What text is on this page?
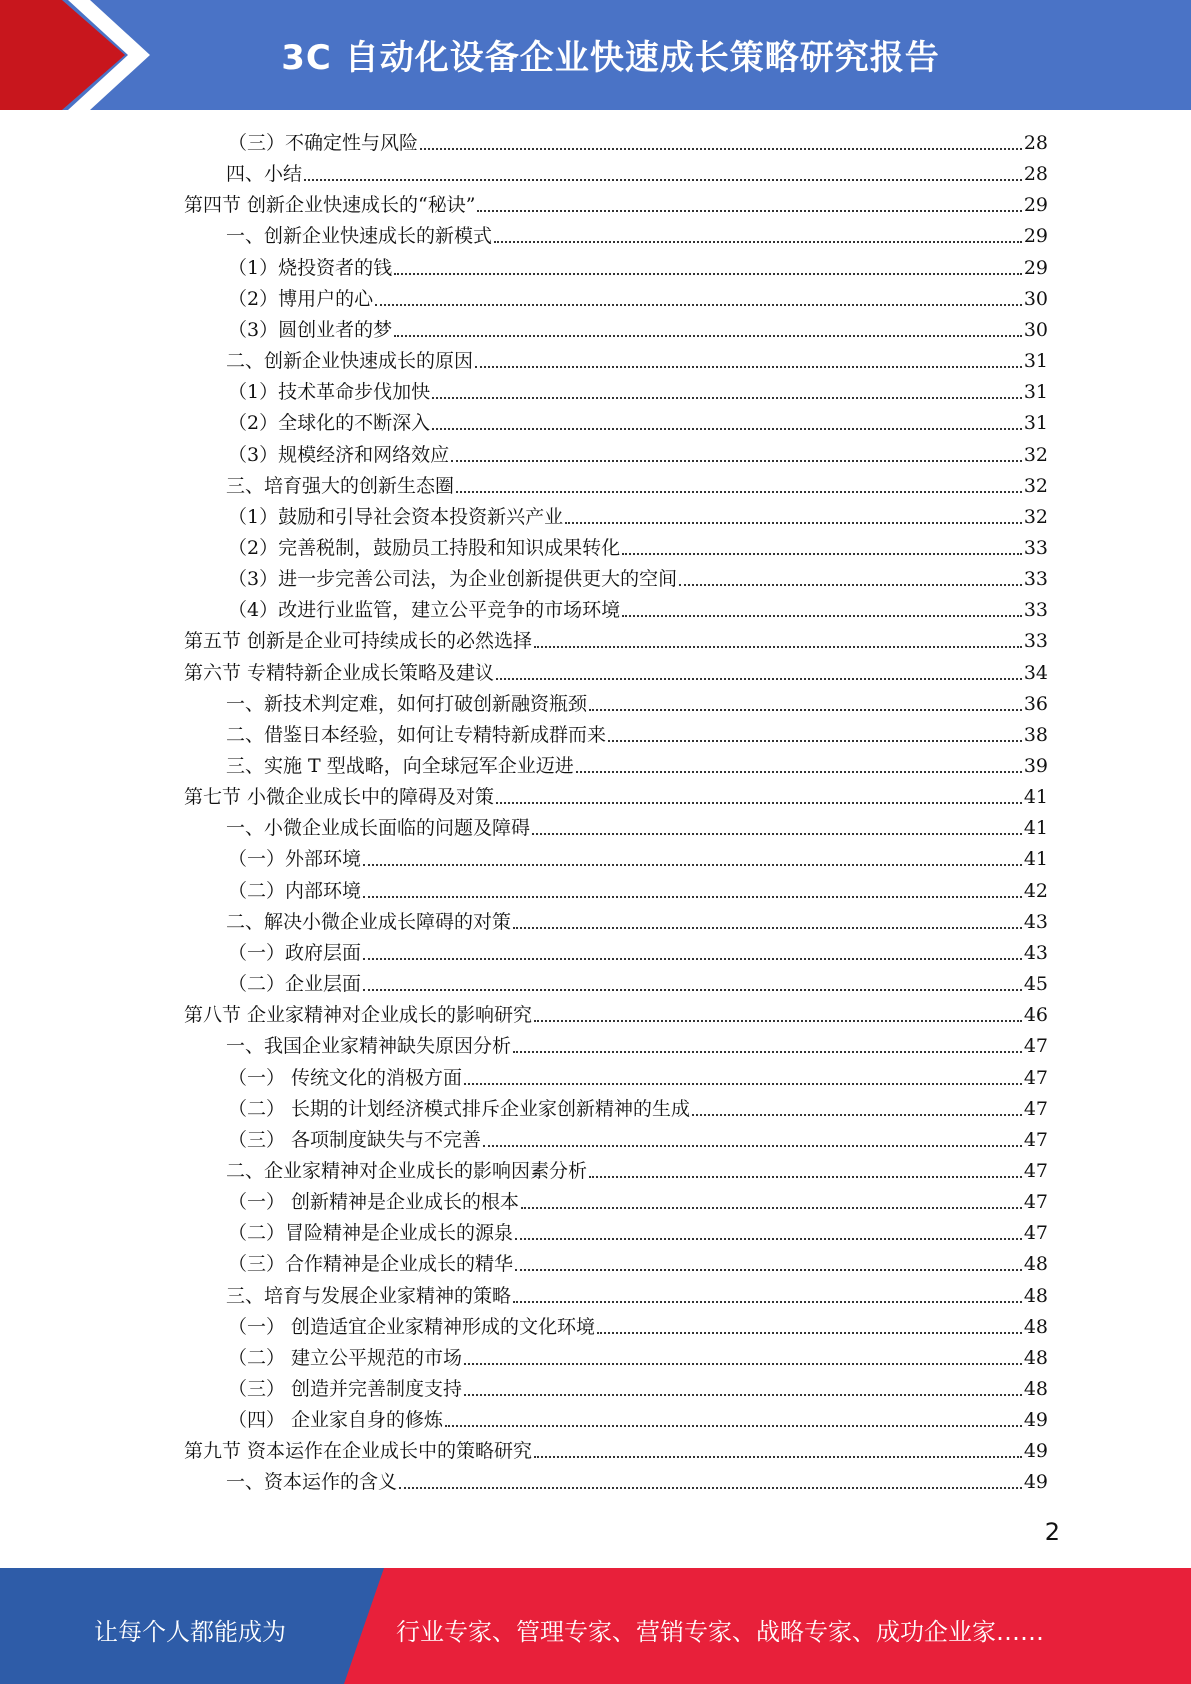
3C 自动化设备企业快速成长策略研究报告
（三）不确定性与风险	28
四、小结	28
第四节 创新企业快速成长的“秘诀”	29
一、创新企业快速成长的新模式	29
（1）烧投资者的钱	29
（2）博用户的心	30
（3）圆创业者的梦	30
二、创新企业快速成长的原因	31
（1）技术革命步伐加快	31
（2）全球化的不断深入	31
（3）规模经济和网络效应	32
三、培育强大的创新生态圈	32
（1）鼓励和引导社会资本投资新兴产业	32
（2）完善税制，鼓励员工持股和知识成果转化	33
（3）进一步完善公司法，为企业创新提供更大的空间	33
（4）改进行业监管，建立公平竞争的市场环境	33
第五节 创新是企业可持续成长的必然选择	33
第六节 专精特新企业成长策略及建议	34
一、新技术判定难，如何打破创新融资瓶颈	36
二、借鉴日本经验，如何让专精特新成群而来	38
三、实施 T 型战略，向全球冠军企业迈进	39
第七节 小微企业成长中的障碍及对策	41
一、小微企业成长面临的问题及障碍	41
（一）外部环境	41
（二）内部环境	42
二、解决小微企业成长障碍的对策	43
（一）政府层面	43
（二）企业层面	45
第八节 企业家精神对企业成长的影响研究	46
一、我国企业家精神缺失原因分析	47
（一） 传统文化的消极方面	47
（二） 长期的计划经济模式排斥企业家创新精神的生成	47
（三） 各项制度缺失与不完善	47
二、企业家精神对企业成长的影响因素分析	47
（一） 创新精神是企业成长的根本	47
（二）冒险精神是企业成长的源泉	47
（三）合作精神是企业成长的精华	48
三、培育与发展企业家精神的策略	48
（一） 创造适宜企业家精神形成的文化环境	48
（二） 建立公平规范的市场	48
（三） 创造并完善制度支持	48
（四） 企业家自身的修炼	49
第九节 资本运作在企业成长中的策略研究	49
一、资本运作的含义	49
2
让每个人都能成为	行业专家、管理专家、营销专家、战略专家、成功企业家……
